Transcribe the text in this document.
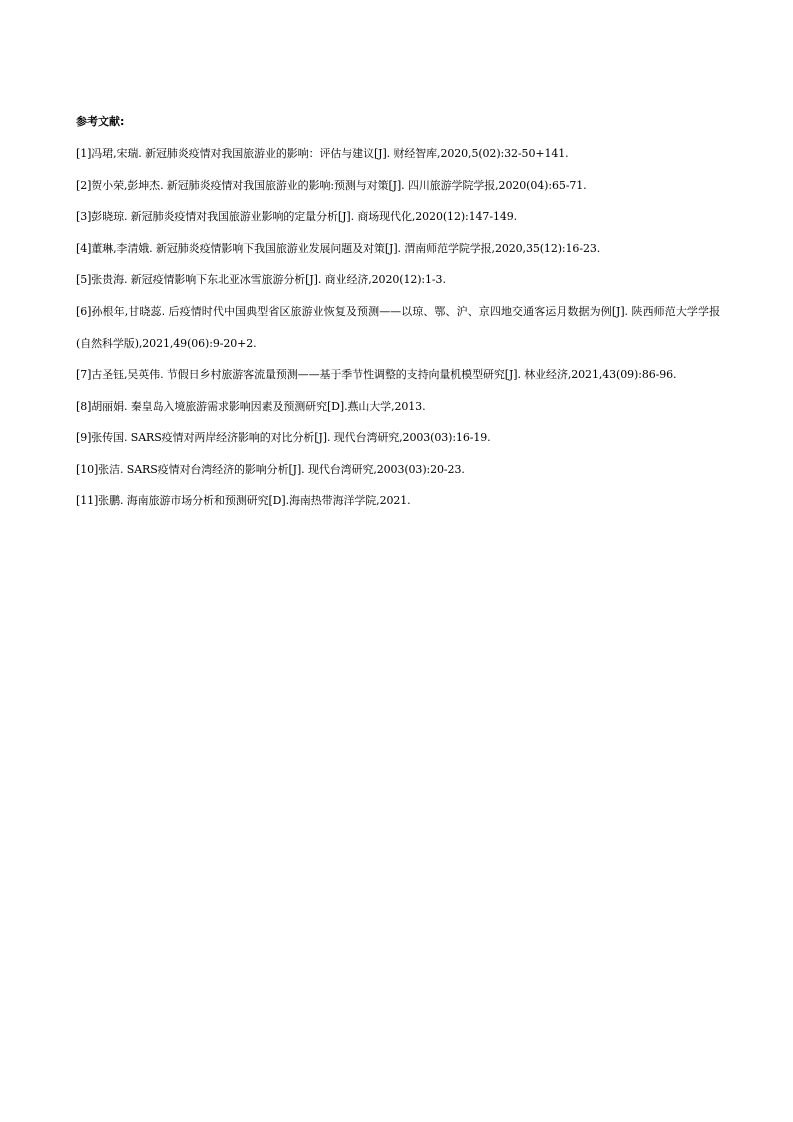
参考文献:
[1]冯珺,宋瑞. 新冠肺炎疫情对我国旅游业的影响：评估与建议[J]. 财经智库,2020,5(02):32-50+141.
[2]贺小荣,彭坤杰. 新冠肺炎疫情对我国旅游业的影响:预测与对策[J]. 四川旅游学院学报,2020(04):65-71.
[3]彭晓琼. 新冠肺炎疫情对我国旅游业影响的定量分析[J]. 商场现代化,2020(12):147-149.
[4]董琳,李清娥. 新冠肺炎疫情影响下我国旅游业发展问题及对策[J]. 渭南师范学院学报,2020,35(12):16-23.
[5]张贵海. 新冠疫情影响下东北亚冰雪旅游分析[J]. 商业经济,2020(12):1-3.
[6]孙根年,甘晓蕊. 后疫情时代中国典型省区旅游业恢复及预测——以琼、鄂、沪、京四地交通客运月数据为例[J]. 陕西师范大学学报(自然科学版),2021,49(06):9-20+2.
[7]古圣钰,吴英伟. 节假日乡村旅游客流量预测——基于季节性调整的支持向量机模型研究[J]. 林业经济,2021,43(09):86-96.
[8]胡丽娟. 秦皇岛入境旅游需求影响因素及预测研究[D].燕山大学,2013.
[9]张传国. SARS疫情对两岸经济影响的对比分析[J]. 现代台湾研究,2003(03):16-19.
[10]张洁. SARS疫情对台湾经济的影响分析[J]. 现代台湾研究,2003(03):20-23.
[11]张鹏. 海南旅游市场分析和预测研究[D].海南热带海洋学院,2021.
